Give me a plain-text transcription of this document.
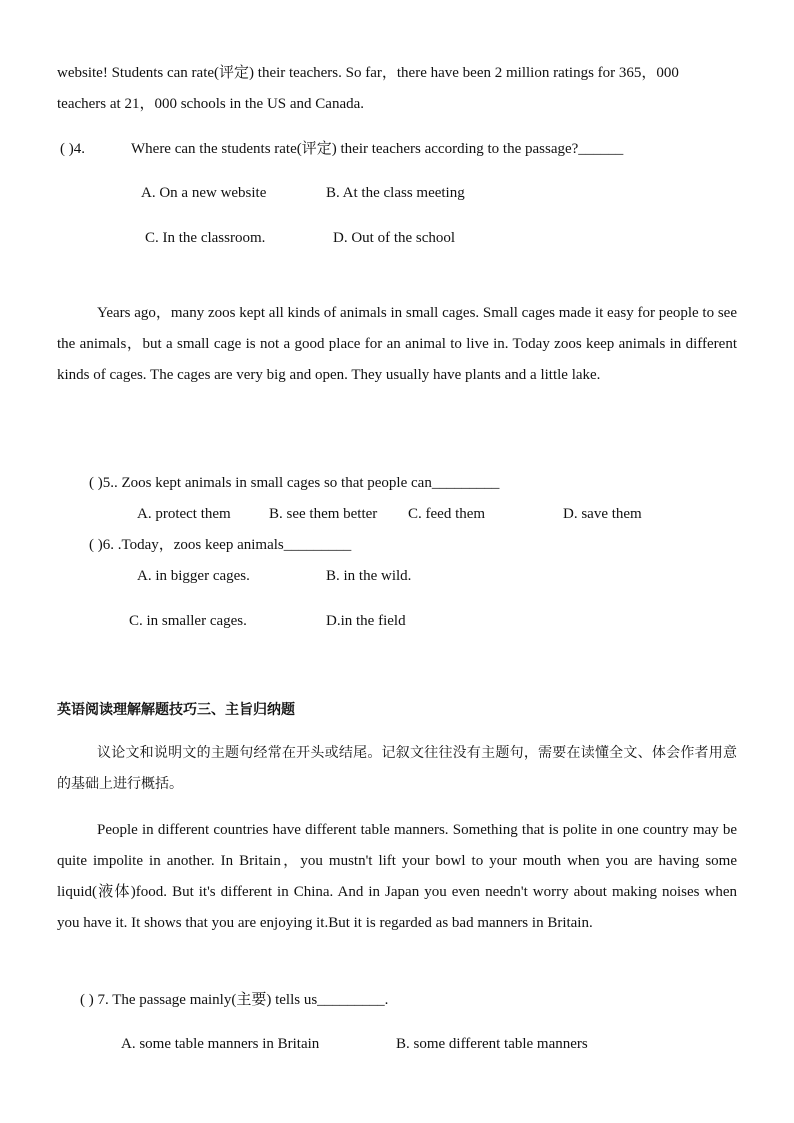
website! Students can rate(评定) their teachers. So far，there have been 2 million ratings for 365，000
teachers at 21，000 schools in the US and Canada.
( )4.	Where can the students rate(评定) their teachers according to the passage?______
A. On a new website	B. At the class meeting
C. In the classroom.	D. Out of the school
Years ago，many zoos kept all kinds of animals in small cages. Small cages made it easy for people to see the animals，but a small cage is not a good place for an animal to live in. Today zoos keep animals in different kinds of cages. The cages are very big and open. They usually have plants and a little lake.
( )5.. Zoos kept animals in small cages so that people can_________
A. protect them	B. see them better C. feed them	D. save them
( )6. .Today，zoos keep animals_________
A. in bigger cages.	B. in the wild.
C. in smaller cages.	D.in the field
英语阅读理解解题技巧三、主旨归纳题
议论文和说明文的主题句经常在开头或结尾。记叙文往往没有主题句，需要在读懂全文、体会作者用意的基础上进行概括。
People in different countries have different table manners. Something that is polite in one country may be quite impolite in another. In Britain，you mustn't lift your bowl to your mouth when you are having some liquid(液体)food. But it's different in China. And in Japan you even needn't worry about making noises when you have it. It shows that you are enjoying it.But it is regarded as bad manners in Britain.
( ) 7. The passage mainly(主要) tells us_________.
A. some table manners in Britain	B. some different table manners
